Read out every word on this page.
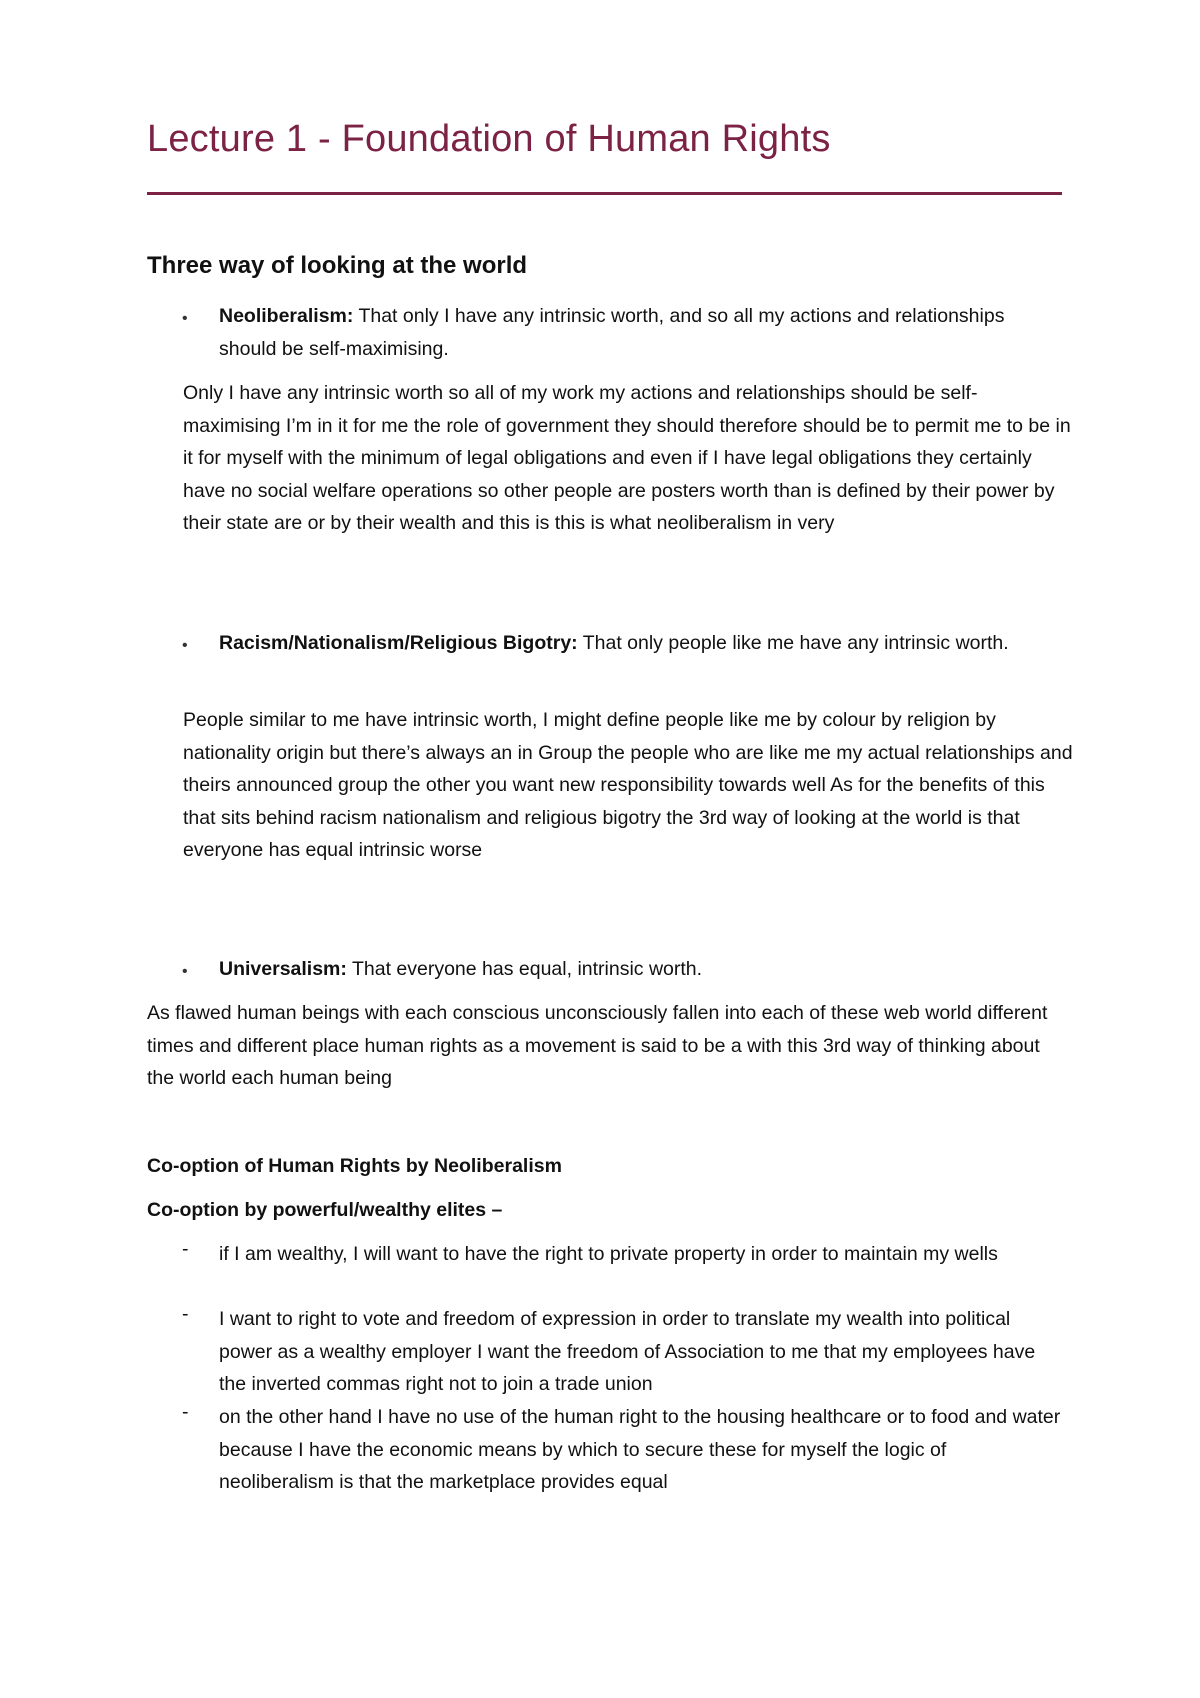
Lecture 1 - Foundation of Human Rights
Three way of looking at the world
• Neoliberalism: That only I have any intrinsic worth, and so all my actions and relationships should be self-maximising.
Only I have any intrinsic worth so all of my work my actions and relationships should be self-maximising I’m in it for me the role of government they should therefore should be to permit me to be in it for myself with the minimum of legal obligations and even if I have legal obligations they certainly have no social welfare operations so other people are posters worth than is defined by their power by their state are or by their wealth and this is this is what neoliberalism in very
• Racism/Nationalism/Religious Bigotry: That only people like me have any intrinsic worth.
People similar to me have intrinsic worth, I might define people like me by colour by religion by nationality origin but there’s always an in Group the people who are like me my actual relationships and theirs announced group the other you want new responsibility towards well As for the benefits of this that sits behind racism nationalism and religious bigotry the 3rd way of looking at the world is that everyone has equal intrinsic worse
• Universalism: That everyone has equal, intrinsic worth.
As flawed human beings with each conscious unconsciously fallen into each of these web world different times and different place human rights as a movement is said to be a with this 3rd way of thinking about the world each human being
Co-option of Human Rights by Neoliberalism
Co-option by powerful/wealthy elites –
- if I am wealthy, I will want to have the right to private property in order to maintain my wells
- I want to right to vote and freedom of expression in order to translate my wealth into political power as a wealthy employer I want the freedom of Association to me that my employees have the inverted commas right not to join a trade union
- on the other hand I have no use of the human right to the housing healthcare or to food and water because I have the economic means by which to secure these for myself the logic of neoliberalism is that the marketplace provides equal
